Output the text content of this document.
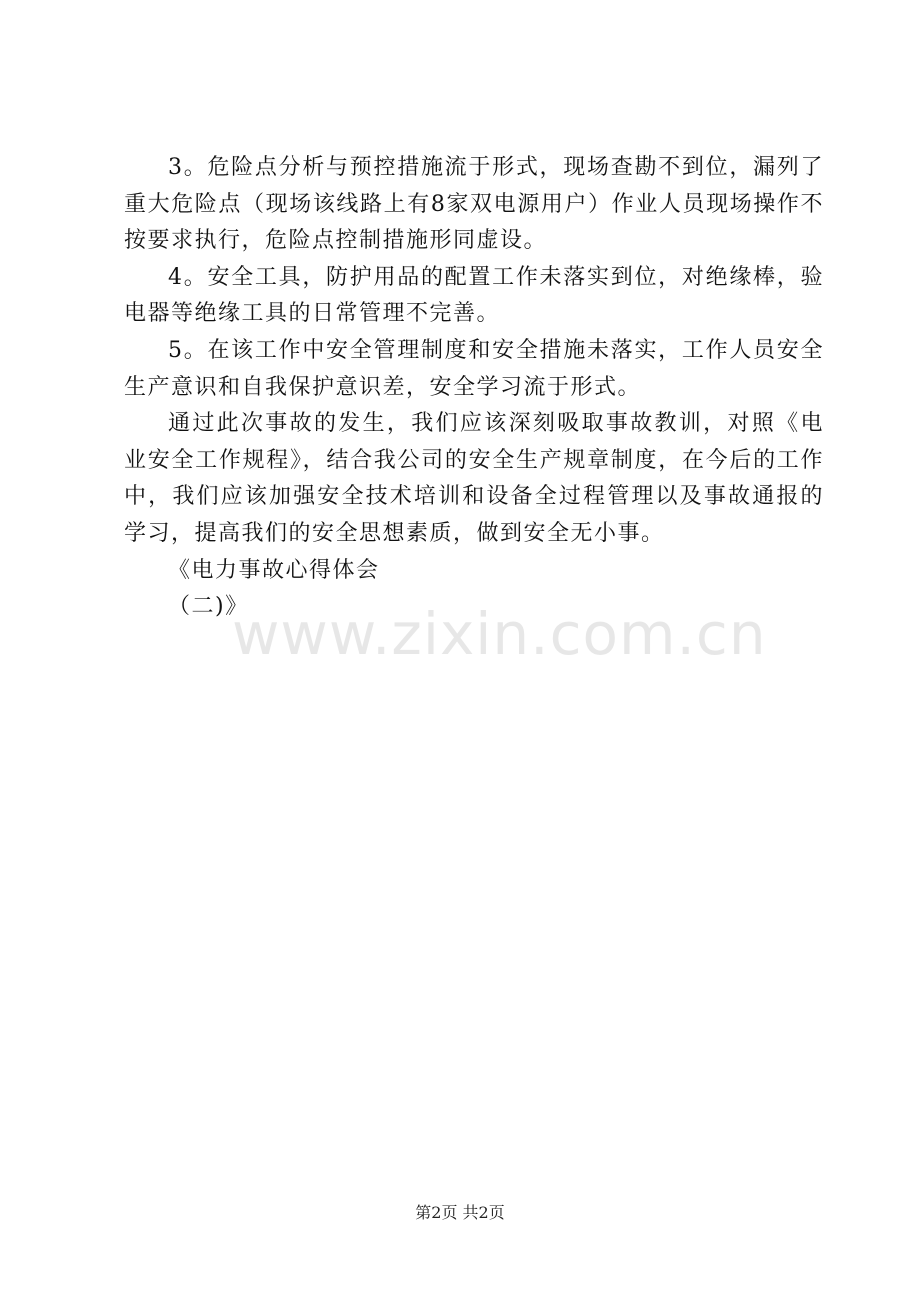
3。危险点分析与预控措施流于形式，现场查勘不到位，漏列了重大危险点（现场该线路上有8家双电源用户）作业人员现场操作不按要求执行，危险点控制措施形同虚设。

4。安全工具，防护用品的配置工作未落实到位，对绝缘棒，验电器等绝缘工具的日常管理不完善。

5。在该工作中安全管理制度和安全措施未落实，工作人员安全生产意识和自我保护意识差，安全学习流于形式。

通过此次事故的发生，我们应该深刻吸取事故教训，对照《电业安全工作规程》，结合我公司的安全生产规章制度，在今后的工作中，我们应该加强安全技术培训和设备全过程管理以及事故通报的学习，提高我们的安全思想素质，做到安全无小事。

《电力事故心得体会

（二)》

www.zixin.com.cn
第2页 共2页
